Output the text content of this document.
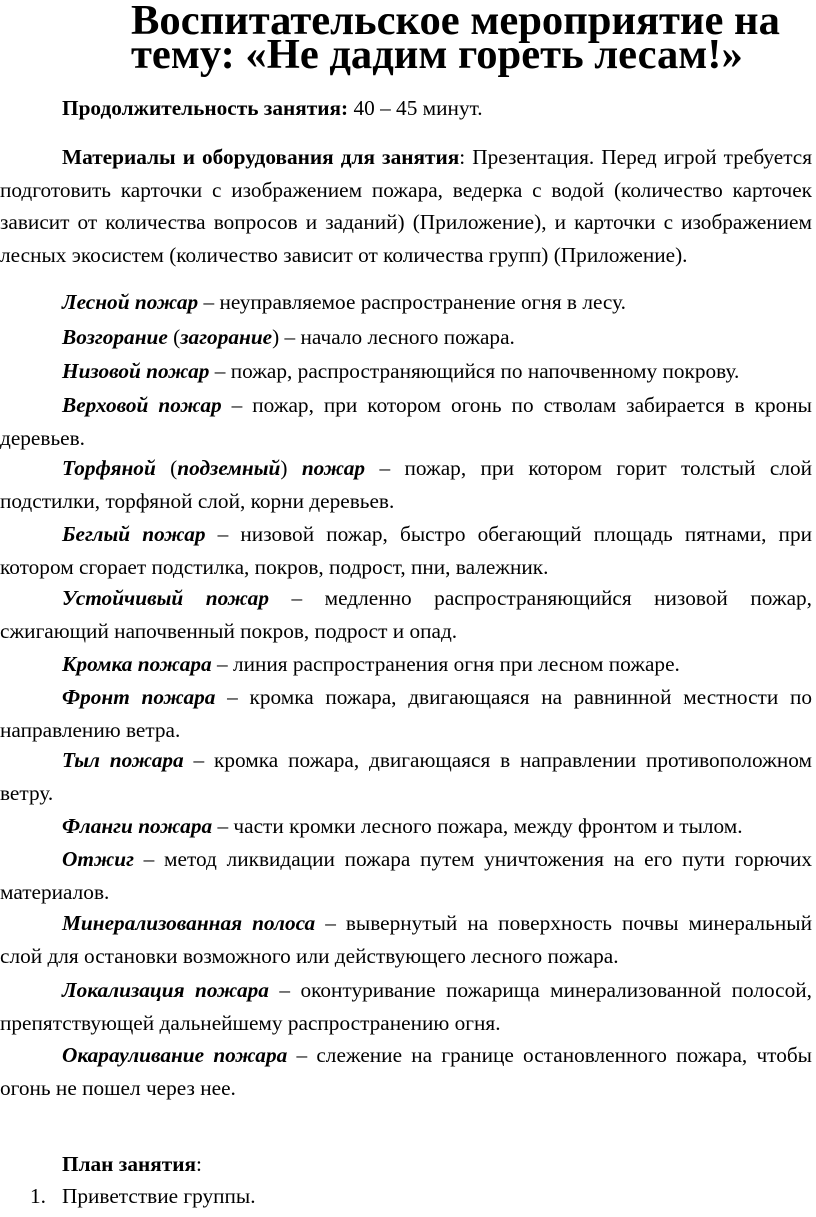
Воспитательское мероприятие на тему: «Не дадим гореть лесам!»

Продолжительность занятия: 40 – 45 минут.

Материалы и оборудования для занятия: Презентация. Перед игрой требуется подготовить карточки с изображением пожара, ведерка с водой (количество карточек зависит от количества вопросов и заданий) (Приложение), и карточки с изображением лесных экосистем (количество зависит от количества групп) (Приложение).

Лесной пожар – неуправляемое распространение огня в лесу.

Возгорание (загорание) – начало лесного пожара.

Низовой пожар – пожар, распространяющийся по напочвенному покрову.

Верховой пожар – пожар, при котором огонь по стволам забирается в кроны деревьев.

Торфяной (подземный) пожар – пожар, при котором горит толстый слой подстилки, торфяной слой, корни деревьев.

Беглый пожар – низовой пожар, быстро обегающий площадь пятнами, при котором сгорает подстилка, покров, подрост, пни, валежник.

Устойчивый пожар – медленно распространяющийся низовой пожар, сжигающий напочвенный покров, подрост и опад.

Кромка пожара – линия распространения огня при лесном пожаре.

Фронт пожара – кромка пожара, двигающаяся на равнинной местности по направлению ветра.

Тыл пожара – кромка пожара, двигающаяся в направлении противоположном ветру.

Фланги пожара – части кромки лесного пожара, между фронтом и тылом.

Отжиг – метод ликвидации пожара путем уничтожения на его пути горючих материалов.

Минерализованная полоса – вывернутый на поверхность почвы минеральный слой для остановки возможного или действующего лесного пожара.

Локализация пожара – оконтуривание пожарища минерализованной полосой, препятствующей дальнейшему распространению огня.

Окарауливание пожара – слежение на границе остановленного пожара, чтобы огонь не пошел через нее.

План занятия:

1. Приветствие группы.
